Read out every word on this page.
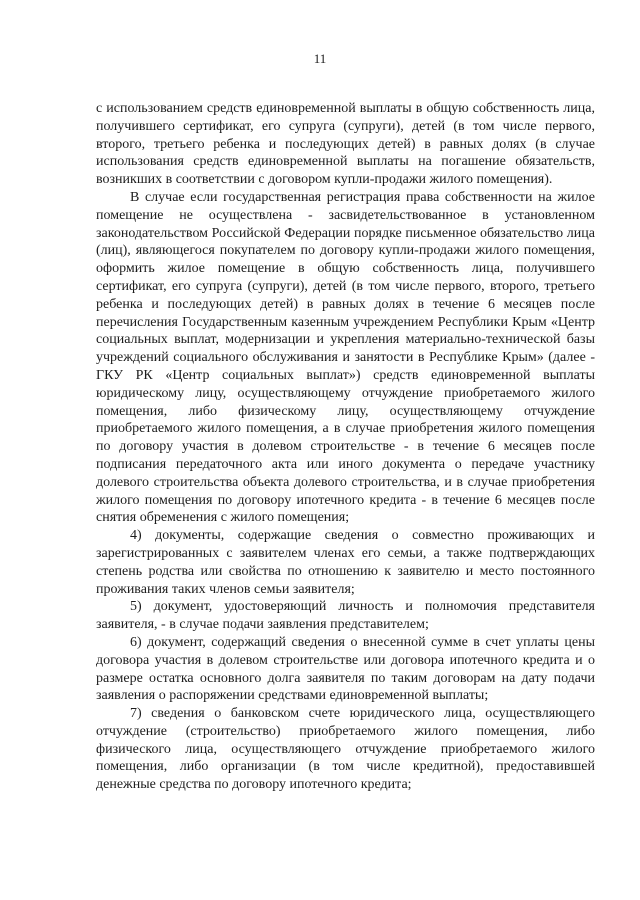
11

с использованием средств единовременной выплаты в общую собственность лица, получившего сертификат, его супруга (супруги), детей (в том числе первого, второго, третьего ребенка и последующих детей) в равных долях (в случае использования средств единовременной выплаты на погашение обязательств, возникших в соответствии с договором купли-продажи жилого помещения).

В случае если государственная регистрация права собственности на жилое помещение не осуществлена - засвидетельствованное в установленном законодательством Российской Федерации порядке письменное обязательство лица (лиц), являющегося покупателем по договору купли-продажи жилого помещения, оформить жилое помещение в общую собственность лица, получившего сертификат, его супруга (супруги), детей (в том числе первого, второго, третьего ребенка и последующих детей) в равных долях в течение 6 месяцев после перечисления Государственным казенным учреждением Республики Крым «Центр социальных выплат, модернизации и укрепления материально-технической базы учреждений социального обслуживания и занятости в Республике Крым» (далее - ГКУ РК «Центр социальных выплат») средств единовременной выплаты юридическому лицу, осуществляющему отчуждение приобретаемого жилого помещения, либо физическому лицу, осуществляющему отчуждение приобретаемого жилого помещения, а в случае приобретения жилого помещения по договору участия в долевом строительстве - в течение 6 месяцев после подписания передаточного акта или иного документа о передаче участнику долевого строительства объекта долевого строительства, и в случае приобретения жилого помещения по договору ипотечного кредита - в течение 6 месяцев после снятия обременения с жилого помещения;

4) документы, содержащие сведения о совместно проживающих и зарегистрированных с заявителем членах его семьи, а также подтверждающих степень родства или свойства по отношению к заявителю и место постоянного проживания таких членов семьи заявителя;

5) документ, удостоверяющий личность и полномочия представителя заявителя, - в случае подачи заявления представителем;

6) документ, содержащий сведения о внесенной сумме в счет уплаты цены договора участия в долевом строительстве или договора ипотечного кредита и о размере остатка основного долга заявителя по таким договорам на дату подачи заявления о распоряжении средствами единовременной выплаты;

7) сведения о банковском счете юридического лица, осуществляющего отчуждение (строительство) приобретаемого жилого помещения, либо физического лица, осуществляющего отчуждение приобретаемого жилого помещения, либо организации (в том числе кредитной), предоставившей денежные средства по договору ипотечного кредита;
